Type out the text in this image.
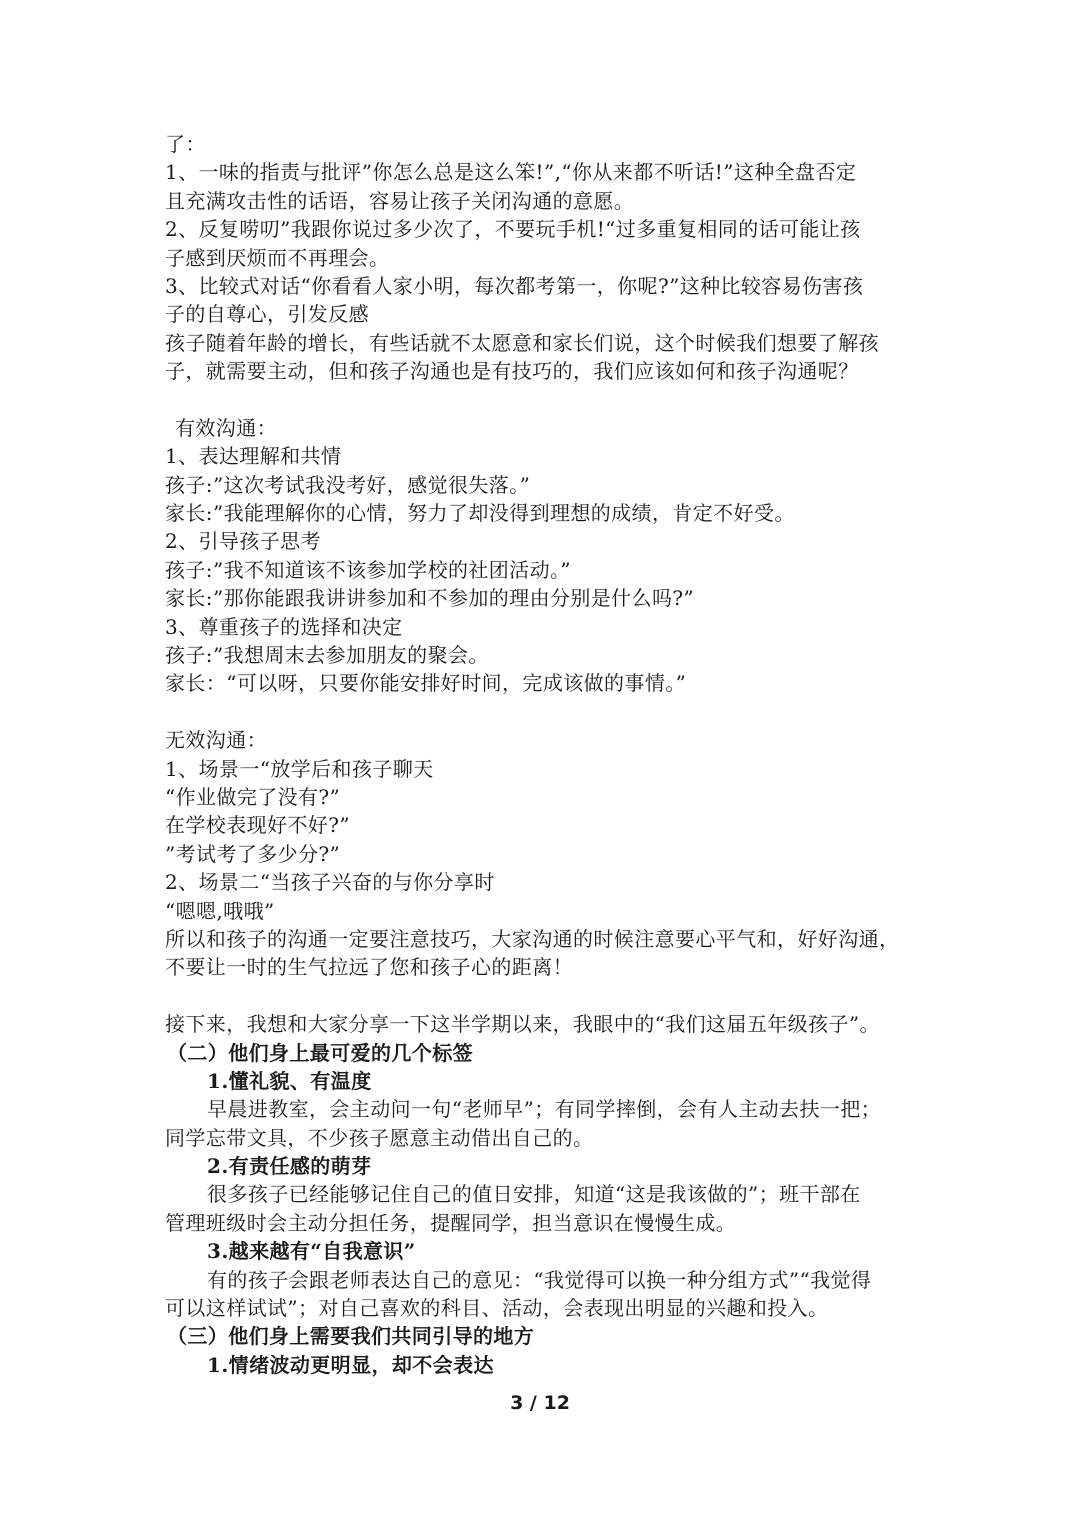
了：
1、一味的指责与批评”你怎么总是这么笨!”,“你从来都不听话!”这种全盘否定
且充满攻击性的话语，容易让孩子关闭沟通的意愿。
2、反复唠叨”我跟你说过多少次了，不要玩手机!“过多重复相同的话可能让孩
子感到厌烦而不再理会。
3、比较式对话“你看看人家小明，每次都考第一，你呢?”这种比较容易伤害孩
子的自尊心，引发反感
孩子随着年龄的增长，有些话就不太愿意和家长们说，这个时候我们想要了解孩
子，就需要主动，但和孩子沟通也是有技巧的，我们应该如何和孩子沟通呢？
有效沟通：
1、表达理解和共情
孩子:”这次考试我没考好，感觉很失落。”
家长:”我能理解你的心情，努力了却没得到理想的成绩，肯定不好受。
2、引导孩子思考
孩子:”我不知道该不该参加学校的社团活动。”
家长:”那你能跟我讲讲参加和不参加的理由分别是什么吗?”
3、尊重孩子的选择和决定
孩子:”我想周末去参加朋友的聚会。
家长：“可以呀，只要你能安排好时间，完成该做的事情。”
无效沟通：
1、场景一“放学后和孩子聊天
“作业做完了没有?”
在学校表现好不好?”
”考试考了多少分?”
2、场景二“当孩子兴奋的与你分享时
“嗯嗯,哦哦”
所以和孩子的沟通一定要注意技巧，大家沟通的时候注意要心平气和，好好沟通，
不要让一时的生气拉远了您和孩子心的距离！
接下来，我想和大家分享一下这半学期以来，我眼中的“我们这届五年级孩子”。
（二）他们身上最可爱的几个标签
1.懂礼貌、有温度
早晨进教室，会主动问一句“老师早”；有同学摔倒，会有人主动去扶一把；
同学忘带文具，不少孩子愿意主动借出自己的。
2.有责任感的萌芽
很多孩子已经能够记住自己的值日安排，知道“这是我该做的”；班干部在
管理班级时会主动分担任务，提醒同学，担当意识在慢慢生成。
3.越来越有“自我意识”
有的孩子会跟老师表达自己的意见：“我觉得可以换一种分组方式”“我觉得
可以这样试试”；对自己喜欢的科目、活动，会表现出明显的兴趣和投入。
（三）他们身上需要我们共同引导的地方
1.情绪波动更明显，却不会表达
3 / 12
